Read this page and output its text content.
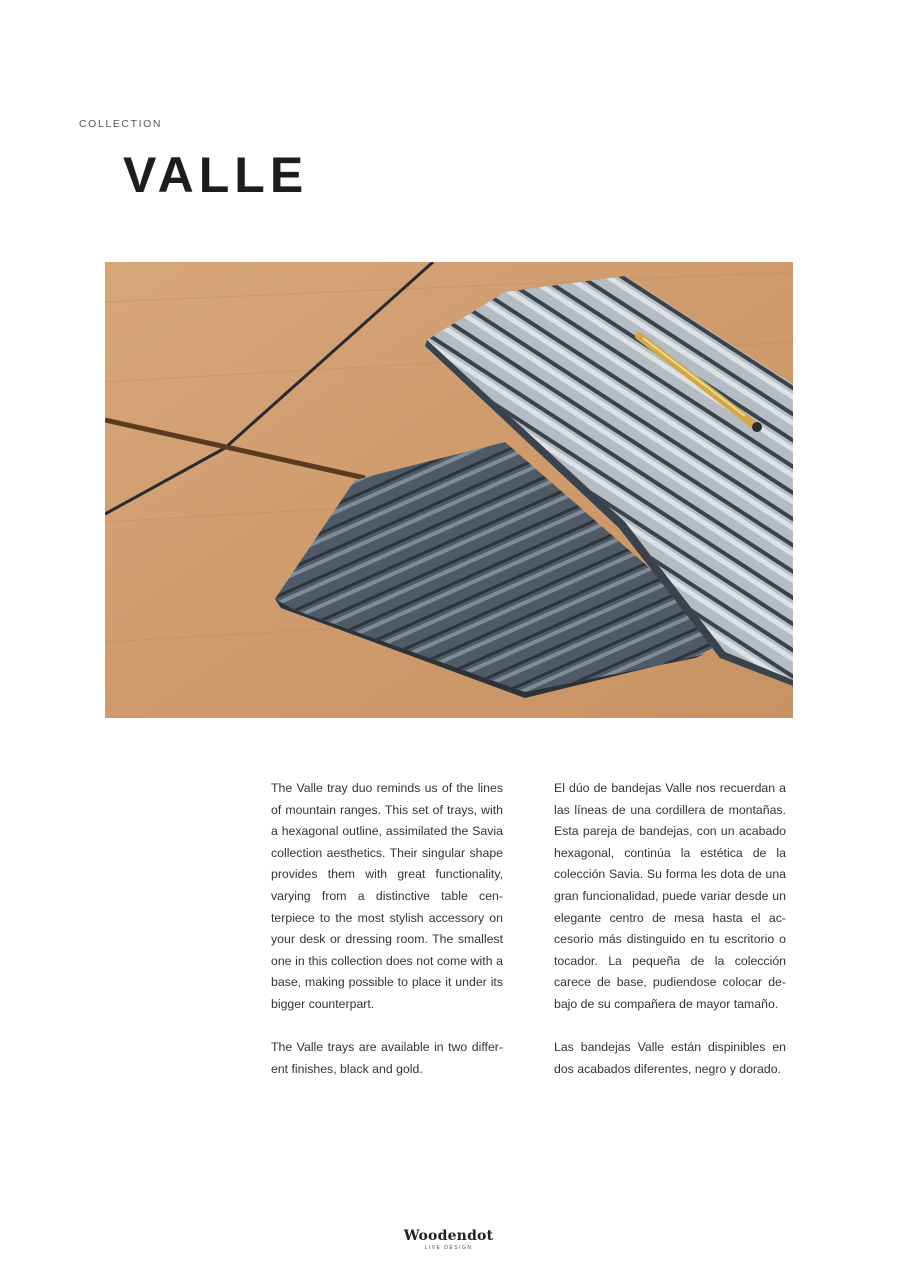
COLLECTION
VALLE

The Valle tray duo reminds us of the lines of mountain ranges. This set of trays, with a hexagonal outline, assimilated the Savia collection aesthetics. Their singular shape provides them with great functionality, varying from a distinctive table centerpiece to the most stylish accessory on your desk or dressing room. The smallest one in this collection does not come with a base, making possible to place it under its bigger counterpart.

The Valle trays are available in two different finishes, black and gold.

El dúo de bandejas Valle nos recuerdan a las líneas de una cordillera de montañas. Esta pareja de bandejas, con un acabado hexagonal, continúa la estética de la colección Savia. Su forma les dota de una gran funcionalidad, puede variar desde un elegante centro de mesa hasta el accesorio más distinguido en tu escritorio o tocador. La pequeña de la colección carece de base, pudiendose colocar debajo de su compañera de mayor tamaño.

Las bandejas Valle están dispinibles en dos acabados diferentes, negro y dorado.

Woodendot
LIVE DESIGN
